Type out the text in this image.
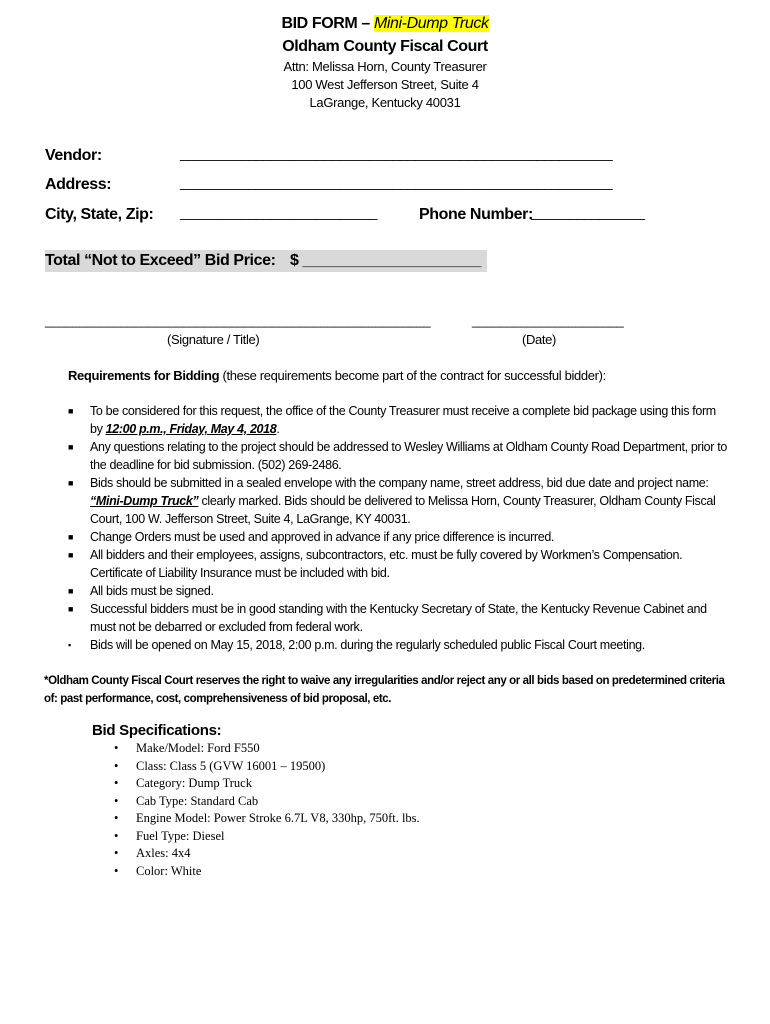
BID FORM – Mini-Dump Truck
Oldham County Fiscal Court
Attn: Melissa Horn, County Treasurer
100 West Jefferson Street, Suite 4
LaGrange, Kentucky 40031
Vendor:	_________________________________________________________
Address:	_________________________________________________________
City, State, Zip: __________________________	Phone Number:
_______________
Total “Not to Exceed” Bid Price: $ _____________________
________________________________________________________	______________________
(Signature / Title)	(Date)
Requirements for Bidding (these requirements become part of the contract for successful bidder):
■	To be considered for this request, the office of the County Treasurer must receive a complete bid package using this form by 12:00 p.m., Friday, May 4, 2018.
■	Any questions relating to the project should be addressed to Wesley Williams at Oldham County Road Department, prior to the deadline for bid submission. (502) 269-2486.
■	Bids should be submitted in a sealed envelope with the company name, street address, bid due date and project name: “Mini-Dump Truck” clearly marked. Bids should be delivered to Melissa Horn, County Treasurer, Oldham County Fiscal Court, 100 W. Jefferson Street, Suite 4, LaGrange, KY 40031.
■	Change Orders must be used and approved in advance if any price difference is incurred.
■	All bidders and their employees, assigns, subcontractors, etc. must be fully covered by Workmen’s Compensation. Certificate of Liability Insurance must be included with bid.
■	All bids must be signed.
■	Successful bidders must be in good standing with the Kentucky Secretary of State, the Kentucky Revenue Cabinet and must not be debarred or excluded from federal work.
▪	Bids will be opened on May 15, 2018, 2:00 p.m. during the regularly scheduled public Fiscal Court meeting.
*Oldham County Fiscal Court reserves the right to waive any irregularities and/or reject any or all bids based on predetermined criteria of: past performance, cost, comprehensiveness of bid proposal, etc.
Bid Specifications:
• Make/Model: Ford F550
• Class: Class 5 (GVW 16001 – 19500)
• Category: Dump Truck
• Cab Type: Standard Cab
• Engine Model: Power Stroke 6.7L V8, 330hp, 750ft. lbs.
• Fuel Type: Diesel
• Axles: 4x4
• Color: White
